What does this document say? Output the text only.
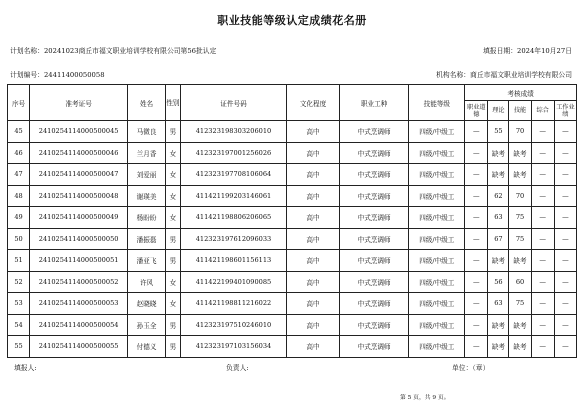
职业技能等级认定成绩花名册
计划名称：20241023商丘市福文职业培训学校有限公司第56批认定	填报日期：2024年10月27日
计划编号：24411400050058	机构名称：商丘市福文职业培训学校有限公司
序号	准考证号	姓名	性别	证件号码	文化程度	职业工种	技能等级	考核成绩				
								职业道德	理论	技能	综合	工作业绩
45	2410254114000500045	马微良	男	412323198303206010	高中	中式烹调师	四级/中级工	—	55	70	—	—
46	2410254114000500046	兰月香	女	412323197001256026	高中	中式烹调师	四级/中级工	—	缺考	缺考	—	—
47	2410254114000500047	刘爱丽	女	412323197708106064	高中	中式烹调师	四级/中级工	—	缺考	缺考	—	—
48	2410254114000500048	谢瑛美	女	411421199203146061	高中	中式烹调师	四级/中级工	—	62	70	—	—
49	2410254114000500049	杨盼盼	女	411421198806206065	高中	中式烹调师	四级/中级工	—	63	75	—	—
50	2410254114000500050	潘振磊	男	412323197612096033	高中	中式烹调师	四级/中级工	—	67	75	—	—
51	2410254114000500051	潘亚飞	男	411421198601156113	高中	中式烹调师	四级/中级工	—	缺考	缺考	—	—
52	2410254114000500052	许风	女	411422199401090085	高中	中式烹调师	四级/中级工	—	56	60	—	—
53	2410254114000500053	赵晓晓	女	411421198811216022	高中	中式烹调师	四级/中级工	—	63	75	—	—
54	2410254114000500054	孙玉全	男	412323197510246010	高中	中式烹调师	四级/中级工	—	缺考	缺考	—	—
55	2410254114000500055	付德义	男	412323197103156034	高中	中式烹调师	四级/中级工	—	缺考	缺考	—	—
填报人:	负责人:	单位：（章）
第 5 页，共 9 页。
